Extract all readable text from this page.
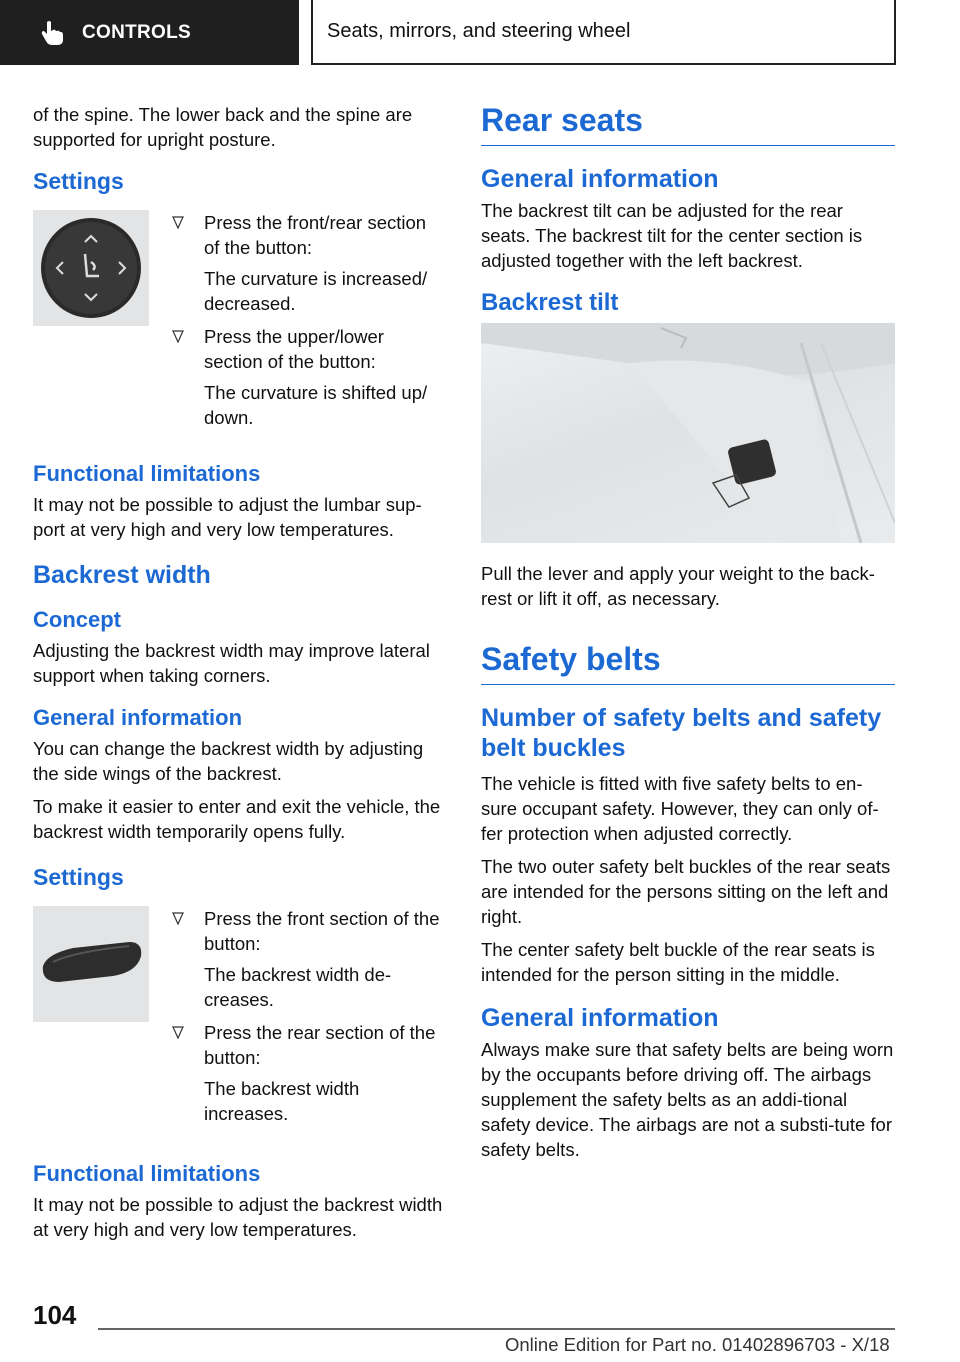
CONTROLS	Seats, mirrors, and steering wheel

of the spine. The lower back and the spine are supported for upright posture.

Settings
Press the front/rear section of the button:
The curvature is increased/ decreased.
Press the upper/lower section of the button:
The curvature is shifted up/ down.
Functional limitations

It may not be possible to adjust the lumbar sup-port at very high and very low temperatures.

Backrest width
Concept

Adjusting the backrest width may improve lateral support when taking corners.

General information

You can change the backrest width by adjusting the side wings of the backrest.

To make it easier to enter and exit the vehicle, the backrest width temporarily opens fully.

Settings
Press the front section of the button:
The backrest width de-creases.
Press the rear section of the button:
The backrest width increases.
Functional limitations

It may not be possible to adjust the backrest width at very high and very low temperatures.

Rear seats
General information

The backrest tilt can be adjusted for the rear seats. The backrest tilt for the center section is adjusted together with the left backrest.

Backrest tilt

Pull the lever and apply your weight to the back-rest or lift it off, as necessary.

Safety belts
Number of safety belts and safety belt buckles

The vehicle is fitted with five safety belts to en-sure occupant safety. However, they can only of-fer protection when adjusted correctly.

The two outer safety belt buckles of the rear seats are intended for the persons sitting on the left and right.

The center safety belt buckle of the rear seats is intended for the person sitting in the middle.

General information

Always make sure that safety belts are being worn by the occupants before driving off. The airbags supplement the safety belts as an addi-tional safety device. The airbags are not a substi-tute for safety belts.

104
Online Edition for Part no. 01402896703 - X/18
